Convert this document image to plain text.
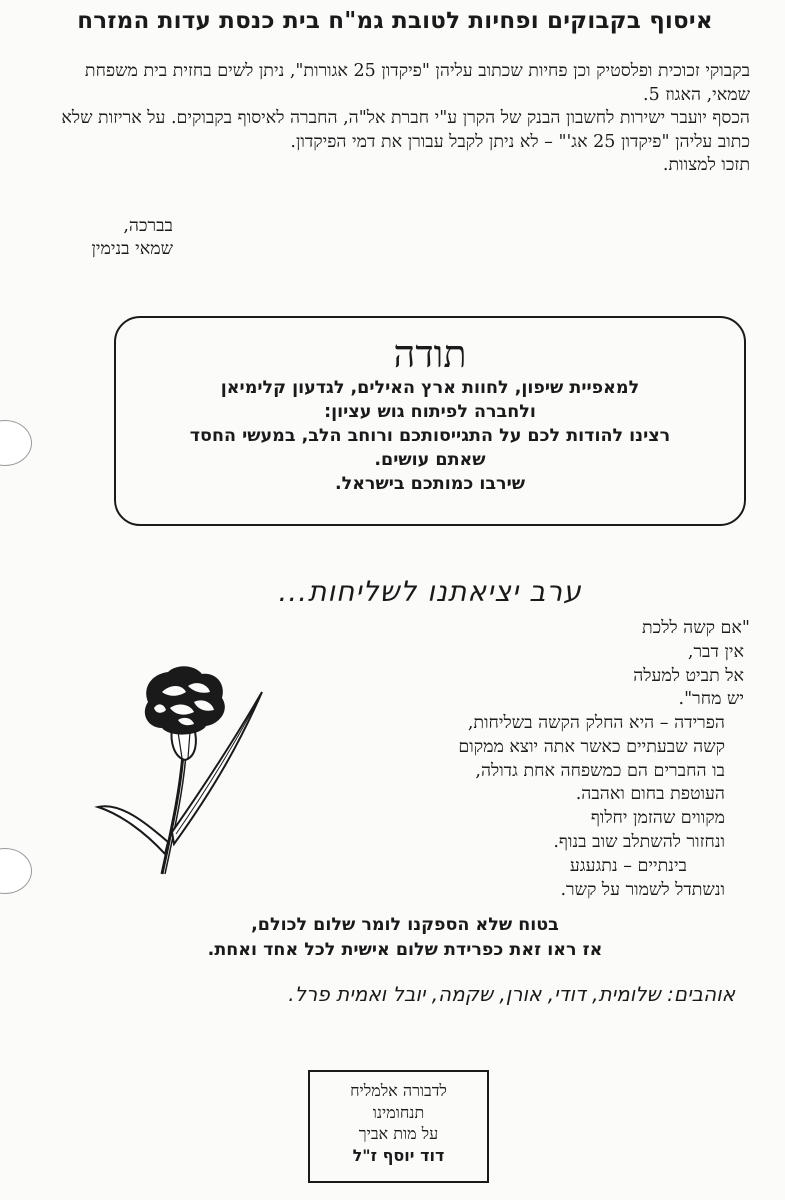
איסוף בקבוקים ופחיות לטובת גמ"ח בית כנסת עדות המזרח

בקבוקי זכוכית ופלסטיק וכן פחיות שכתוב עליהן "פיקדון 25 אגורות", ניתן לשים בחזית בית משפחת שמאי, האגוז 5.

הכסף יועבר ישירות לחשבון הבנק של הקרן ע"י חברת אל"ה, החברה לאיסוף בקבוקים. על אריזות שלא כתוב עליהן "פיקדון 25 אג'" – לא ניתן לקבל עבורן את דמי הפיקדון.

תזכו למצוות.

בברכה,
שמאי בנימין
תודה
למאפיית שיפון, לחוות ארץ האילים, לגדעון קלימיאן
ולחברה לפיתוח גוש עציון:
רצינו להודות לכם על התגייסותכם ורוחב הלב, במעשי החסד
שאתם עושים.
שירבו כמותכם בישראל.
ערב יציאתנו לשליחות...
"אם קשה ללכת
אין דבר,
אל תביט למעלה
יש מחר".
הפרידה – היא החלק הקשה בשליחות,
קשה שבעתיים כאשר אתה יוצא ממקום
בו החברים הם כמשפחה אחת גדולה,
העוטפת בחום ואהבה.
מקווים שהזמן יחלוף
ונחזור להשתלב שוב בנוף.
בינתיים – נתגעגע
ונשתדל לשמור על קשר.
בטוח שלא הספקנו לומר שלום לכולם,
אז ראו זאת כפרידת שלום אישית לכל אחד ואחת.
אוהבים: שלומית, דודי, אורן, שקמה, יובל ואמית פרל.
לדבורה אלמליח
תנחומינו
על מות אביך
דוד יוסף ז"ל
